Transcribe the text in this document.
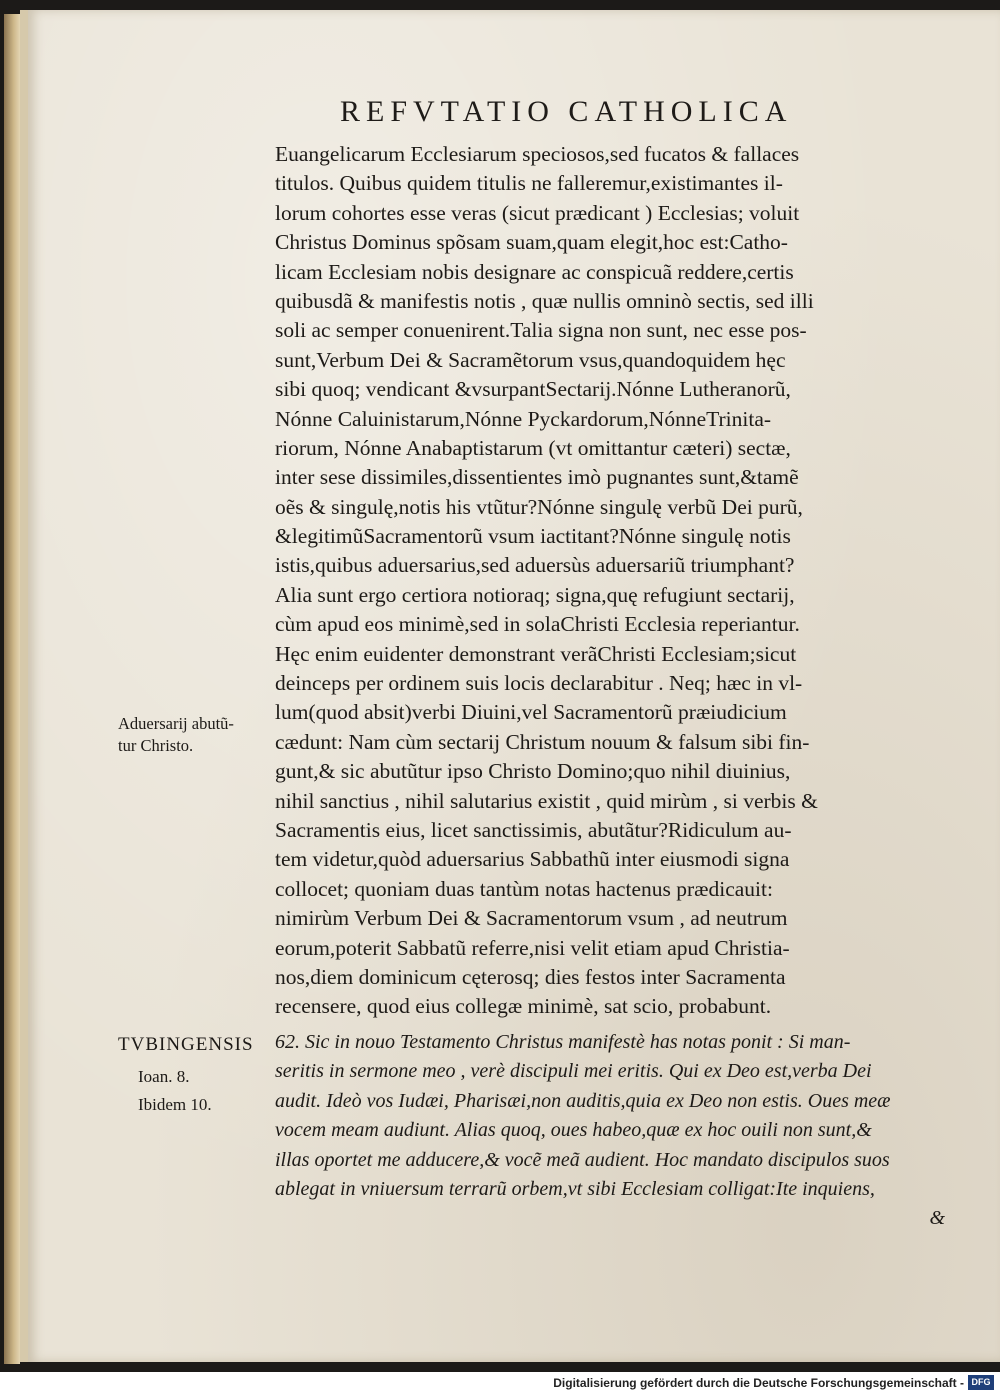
REFVTATIO CATHOLICA
Euangelicarum Ecclesiarum speciosos,sed fucatos & fallaces
titulos. Quibus quidem titulis ne falleremur,existimantes il-
lorum cohortes esse veras (sicut prædicant ) Ecclesias; voluit
Christus Dominus spõsam suam,quam elegit,hoc est:Catho-
licam Ecclesiam nobis designare ac conspicuã reddere,certis
quibusdã & manifestis notis , quæ nullis omninò sectis, sed illi
soli ac semper conuenirent.Talia signa non sunt, nec esse pos-
sunt,Verbum Dei & Sacramẽtorum vsus,quandoquidem hęc
sibi quoq; vendicant &vsurpantSectarij.Nónne Lutheranorũ,
Nónne Caluinistarum,Nónne Pyckardorum,NónneTrinita-
riorum, Nónne Anabaptistarum (vt omittantur cæteri) sectæ,
inter sese dissimiles,dissentientes imò pugnantes sunt,&tamẽ
oẽs & singulę,notis his vtũtur?Nónne singulę verbũ Dei purũ,
&legitimũSacramentorũ vsum iactitant?Nónne singulę notis
istis,quibus aduersarius,sed aduersùs aduersariũ triumphant?
Alia sunt ergo certiora notioraq; signa,quę refugiunt sectarij,
cùm apud eos minimè,sed in solaChristi Ecclesia reperiantur.
Hęc enim euidenter demonstrant verãChristi Ecclesiam;sicut
deinceps per ordinem suis locis declarabitur . Neq; hæc in vl-
lum(quod absit)verbi Diuini,vel Sacramentorũ præiudicium
cædunt: Nam cùm sectarij Christum nouum & falsum sibi fin-
gunt,& sic abutũtur ipso Christo Domino;quo nihil diuinius,
nihil sanctius , nihil salutarius existit , quid mirùm , si verbis &
Sacramentis eius, licet sanctissimis, abutãtur?Ridiculum au-
tem videtur,quòd aduersarius Sabbathũ inter eiusmodi signa
collocet; quoniam duas tantùm notas hactenus prædicauit:
nimirùm Verbum Dei & Sacramentorum vsum , ad neutrum
eorum,poterit Sabbatũ referre,nisi velit etiam apud Christia-
nos,diem dominicum cęterosq; dies festos inter Sacramenta
recensere, quod eius collegæ minimè, sat scio, probabunt.
62. Sic in nouo Testamento Christus manifestè has notas ponit : Si man-
seritis in sermone meo , verè discipuli mei eritis. Qui ex Deo est,verba Dei
audit. Ideò vos Iudæi, Pharisæi,non auditis,quia ex Deo non estis. Oues meæ
vocem meam audiunt. Alias quoq, oues habeo,quæ ex hoc ouili non sunt,&
illas oportet me adducere,& vocẽ meã audient. Hoc mandato discipulos suos
ablegat in vniuersum terrarũ orbem,vt sibi Ecclesiam colligat:Ite inquiens,
&
Aduersarij abutũ-
tur Christo.
TVBINGENSIS
Ioan. 8.
Ibidem 10.
Digitalisierung gefördert durch die Deutsche Forschungsgemeinschaft - DFG
